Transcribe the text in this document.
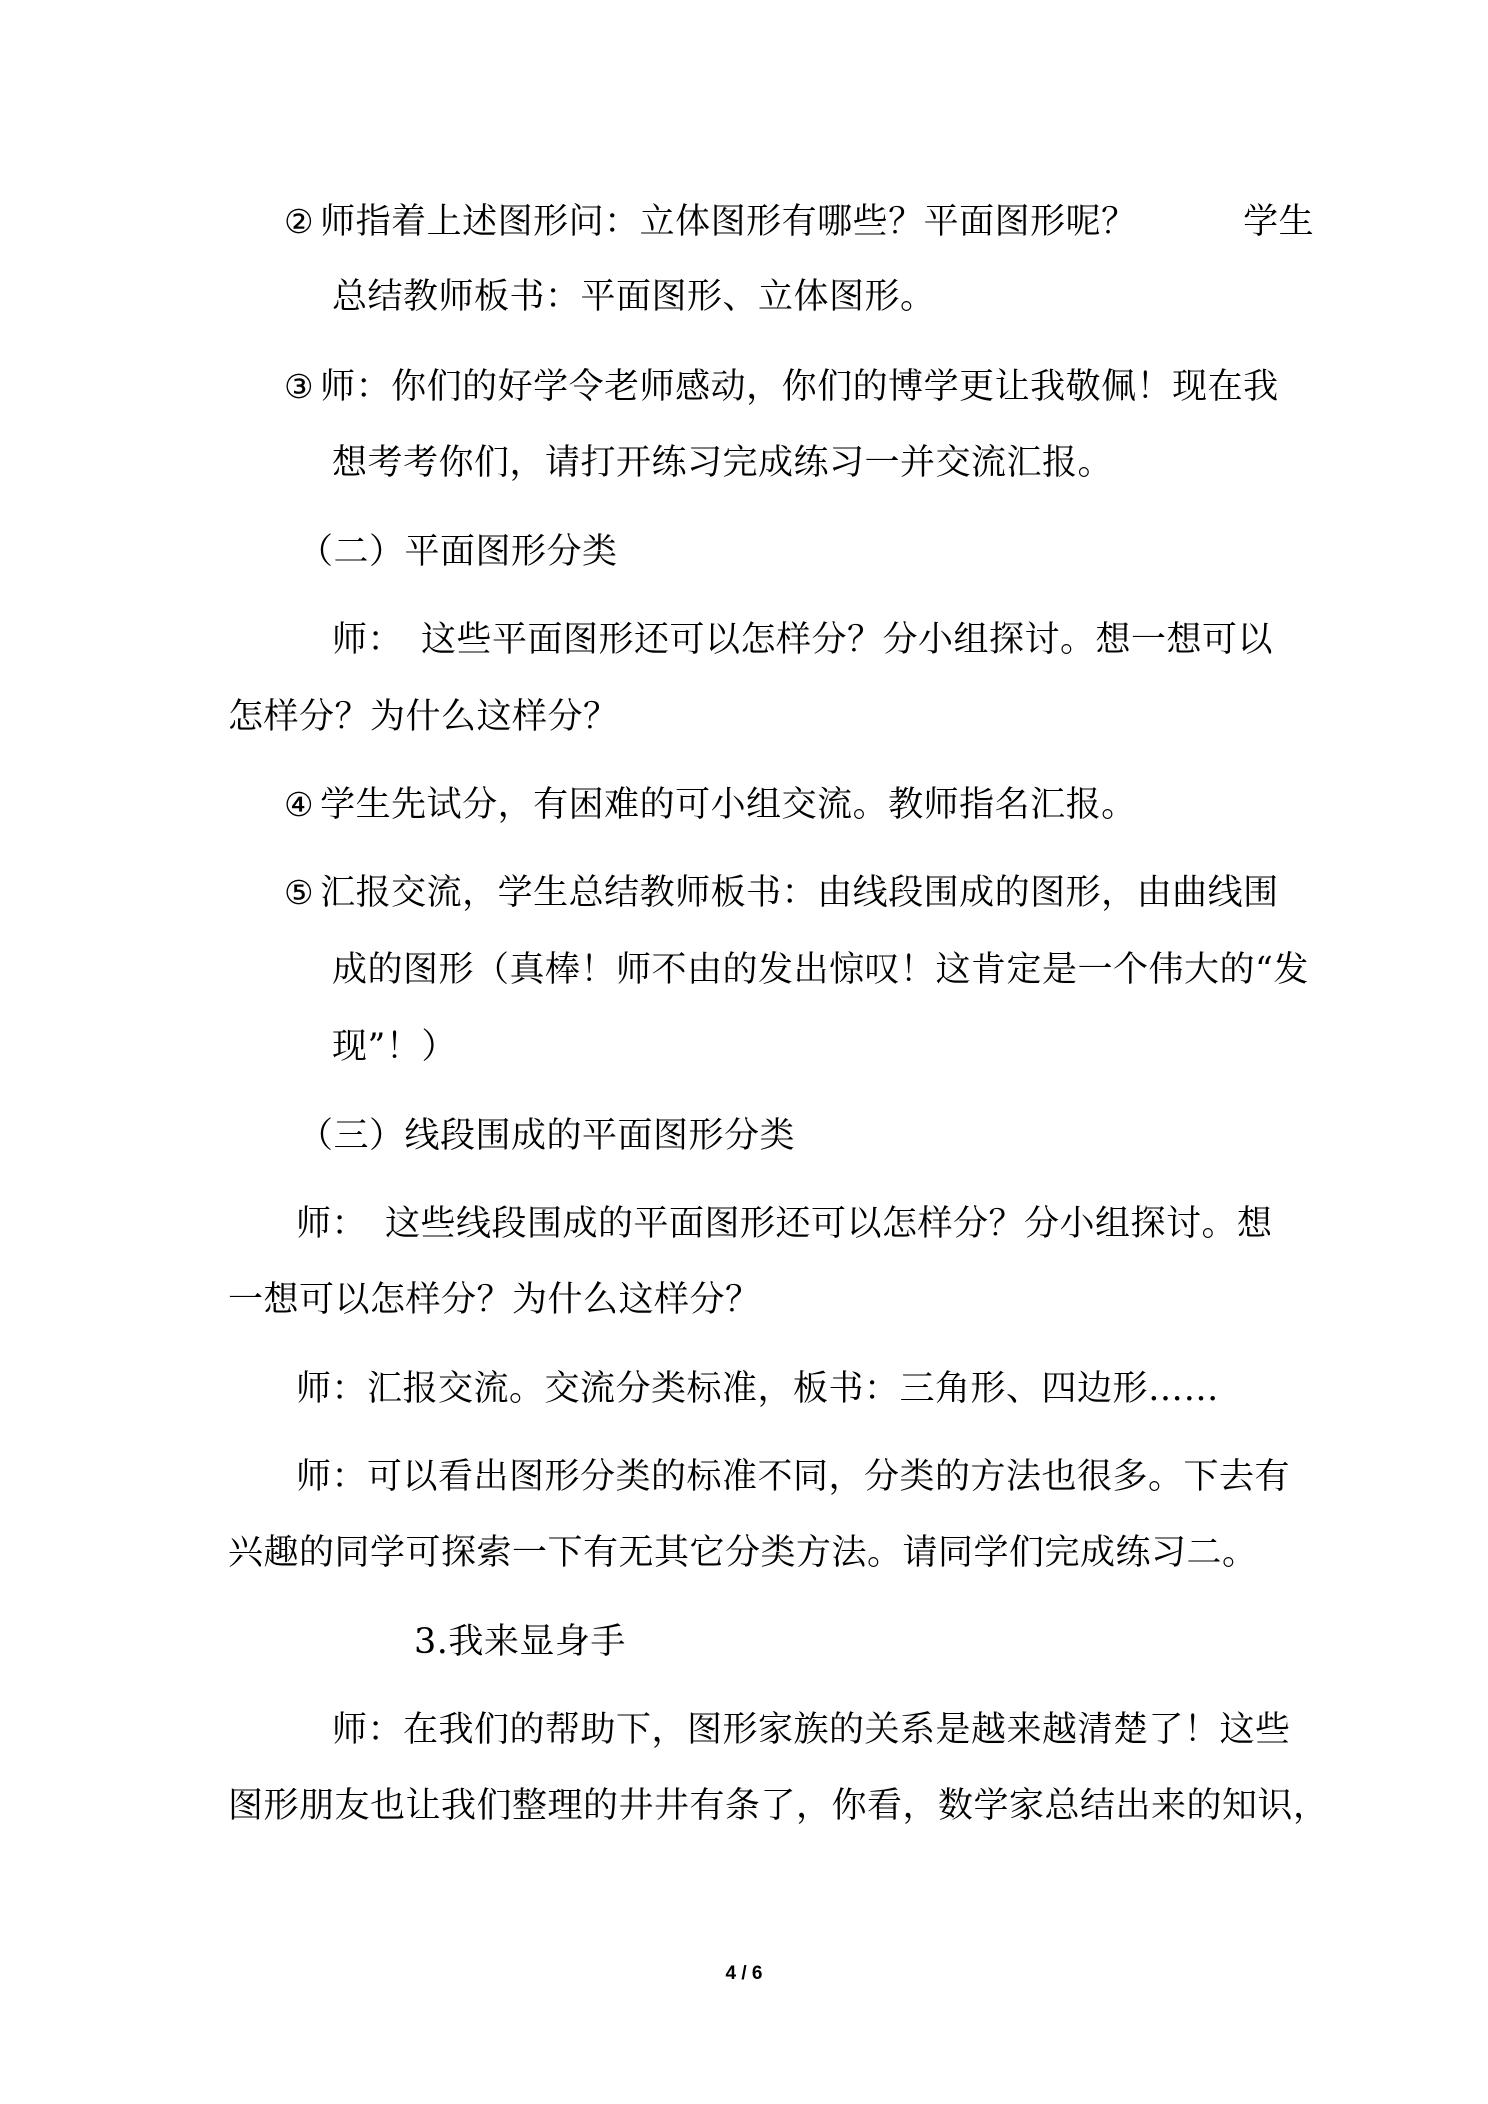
② 师指着上述图形问：立体图形有哪些？平面图形呢？　　　学生
总结教师板书：平面图形、立体图形。
③ 师：你们的好学令老师感动，你们的博学更让我敬佩！现在我
想考考你们，请打开练习完成练习一并交流汇报。
（二）平面图形分类
师：　这些平面图形还可以怎样分？分小组探讨。想一想可以
怎样分？为什么这样分？
④ 学生先试分，有困难的可小组交流。教师指名汇报。
⑤ 汇报交流，学生总结教师板书：由线段围成的图形，由曲线围
成的图形（真棒！师不由的发出惊叹！这肯定是一个伟大的“发
现”！）
（三）线段围成的平面图形分类
师：　这些线段围成的平面图形还可以怎样分？分小组探讨。想
一想可以怎样分？为什么这样分？
师：汇报交流。交流分类标准，板书：三角形、四边形……
师：可以看出图形分类的标准不同，分类的方法也很多。下去有
兴趣的同学可探索一下有无其它分类方法。请同学们完成练习二。
3.我来显身手
师：在我们的帮助下，图形家族的关系是越来越清楚了！这些
图形朋友也让我们整理的井井有条了，你看，数学家总结出来的知识，
4 / 6
